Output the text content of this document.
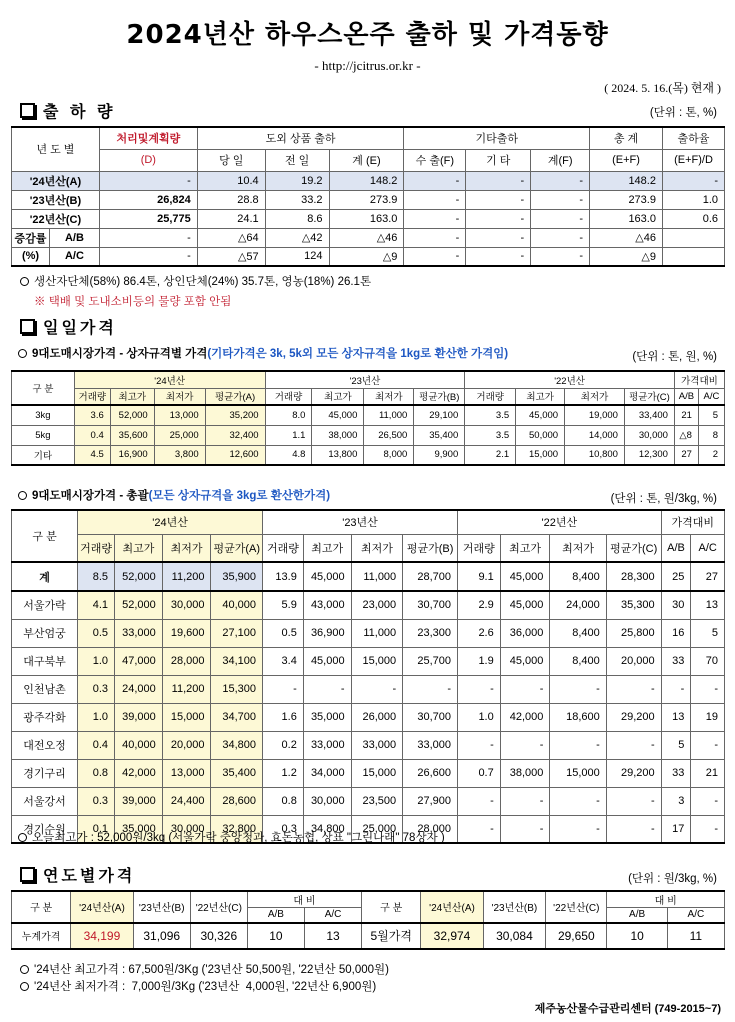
2024년산 하우스온주 출하 및 가격동향
- http://jcitrus.or.kr -
( 2024. 5. 16.(목) 현재 )
출 하 량	(단위 : 톤, %)
년 도 별		처리및계획량	도외 상품 출하			기타출하			총 계	출하율
		(D)	당 일	전 일	계 (E)	수 출(F)	기 타	계(F)	(E+F)	(E+F)/D
'24년산(A)		-	10.4	19.2	148.2	-	-	-	148.2	-
'23년산(B)		26,824	28.8	33.2	273.9	-	-	-	273.9	1.0
'22년산(C)		25,775	24.1	8.6	163.0	-	-	-	163.0	0.6
증감률	A/B	-	△64	△42	△46	-	-	-	△46	
(%)	A/C	-	△57	124	△9	-	-	-	△9	
생산자단체(58%) 86.4톤, 상인단체(24%) 35.7톤, 영농(18%) 26.1톤
※ 택배 및 도내소비등의 물량 포함 안됨
일일가격
9대도매시장가격 - 상자규격별 가격(기타가격은 3k, 5k외 모든 상자규격을 1kg로 환산한 가격임)	(단위 : 톤, 원, %)
구 분	'24년산				'23년산				'22년산				가격대비	
	거래량	최고가	최저가	평균가(A)	거래량	최고가	최저가	평균가(B)	거래량	최고가	최저가	평균가(C)	A/B	A/C
3kg	3.6	52,000	13,000	35,200	8.0	45,000	11,000	29,100	3.5	45,000	19,000	33,400	21	5
5kg	0.4	35,600	25,000	32,400	1.1	38,000	26,500	35,400	3.5	50,000	14,000	30,000	△8	8
기타	4.5	16,900	3,800	12,600	4.8	13,800	8,000	9,900	2.1	15,000	10,800	12,300	27	2
9대도매시장가격 - 총괄(모든 상자규격을 3kg로 환산한가격)	(단위 : 톤, 원/3kg, %)
구 분	'24년산				'23년산				'22년산				가격대비	
	거래량	최고가	최저가	평균가(A)	거래량	최고가	최저가	평균가(B)	거래량	최고가	최저가	평균가(C)	A/B	A/C
계	8.5	52,000	11,200	35,900	13.9	45,000	11,000	28,700	9.1	45,000	8,400	28,300	25	27
서울가락	4.1	52,000	30,000	40,000	5.9	43,000	23,000	30,700	2.9	45,000	24,000	35,300	30	13
부산엄궁	0.5	33,000	19,600	27,100	0.5	36,900	11,000	23,300	2.6	36,000	8,400	25,800	16	5
대구북부	1.0	47,000	28,000	34,100	3.4	45,000	15,000	25,700	1.9	45,000	8,400	20,000	33	70
인천남촌	0.3	24,000	11,200	15,300	-	-	-	-	-	-	-	-	-	-
광주각화	1.0	39,000	15,000	34,700	1.6	35,000	26,000	30,700	1.0	42,000	18,600	29,200	13	19
대전오정	0.4	40,000	20,000	34,800	0.2	33,000	33,000	33,000	-	-	-	-	5	-
경기구리	0.8	42,000	13,000	35,400	1.2	34,000	15,000	26,600	0.7	38,000	15,000	29,200	33	21
서울강서	0.3	39,000	24,400	28,600	0.8	30,000	23,500	27,900	-	-	-	-	3	-
경기수원	0.1	35,000	30,000	32,800	0.3	34,800	25,000	28,000	-	-	-	-	17	-
오늘최고가 : 52,000원/3kg (서울가락 중앙청과, 효돈농협, 상표 "그린나래" 78상자 )
연도별가격	(단위 : 원/3kg, %)
구 분	'24년산(A)	'23년산(B)	'22년산(C)	대 비		구 분	'24년산(A)	'23년산(B)	'22년산(C)	대 비	
				A/B	A/C					A/B	A/C
누계가격	34,199	31,096	30,326	10	13	5월가격	32,974	30,084	29,650	10	11
'24년산 최고가격 : 67,500원/3Kg ('23년산 50,500원, '22년산 50,000원)
'24년산 최저가격 :  7,000원/3Kg ('23년산  4,000원, '22년산 6,900원)
제주농산물수급관리센터 (749-2015~7)
